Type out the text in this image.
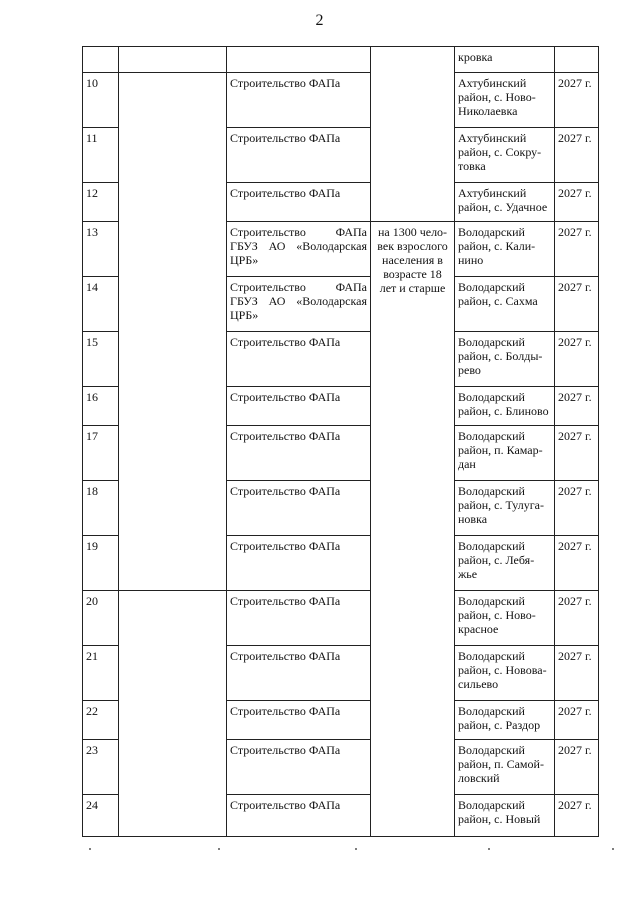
2
				кровка	
10		Строительство ФАПа		Ахтубинский район, с. Ново-Николаевка	2027 г.
11		Строительство ФАПа		Ахтубинский район, с. Сокру-товка	2027 г.
12		Строительство ФАПа		Ахтубинский район, с. Удачное	2027 г.
13		Строительство ФАПа ГБУЗ АО «Володарская ЦРБ»	на 1300 чело-
век взрослого
населения в
возрасте 18
лет и старше	Володарский район, с. Кали-нино	2027 г.
14		Строительство ФАПа ГБУЗ АО «Володарская ЦРБ»		Володарский район, с. Сахма	2027 г.
15		Строительство ФАПа		Володарский район, с. Болды-рево	2027 г.
16		Строительство ФАПа		Володарский район, с. Блиново	2027 г.
17		Строительство ФАПа		Володарский район, п. Камар-дан	2027 г.
18		Строительство ФАПа		Володарский район, с. Тулуга-новка	2027 г.
19		Строительство ФАПа		Володарский район, с. Лебя-жье	2027 г.
20		Строительство ФАПа		Володарский район, с. Ново-красное	2027 г.
21		Строительство ФАПа		Володарский район, с. Новова-сильево	2027 г.
22		Строительство ФАПа		Володарский район, с. Раздор	2027 г.
23		Строительство ФАПа		Володарский район, п. Самой-ловский	2027 г.
24		Строительство ФАПа		Володарский район, с. Новый	2027 г.
